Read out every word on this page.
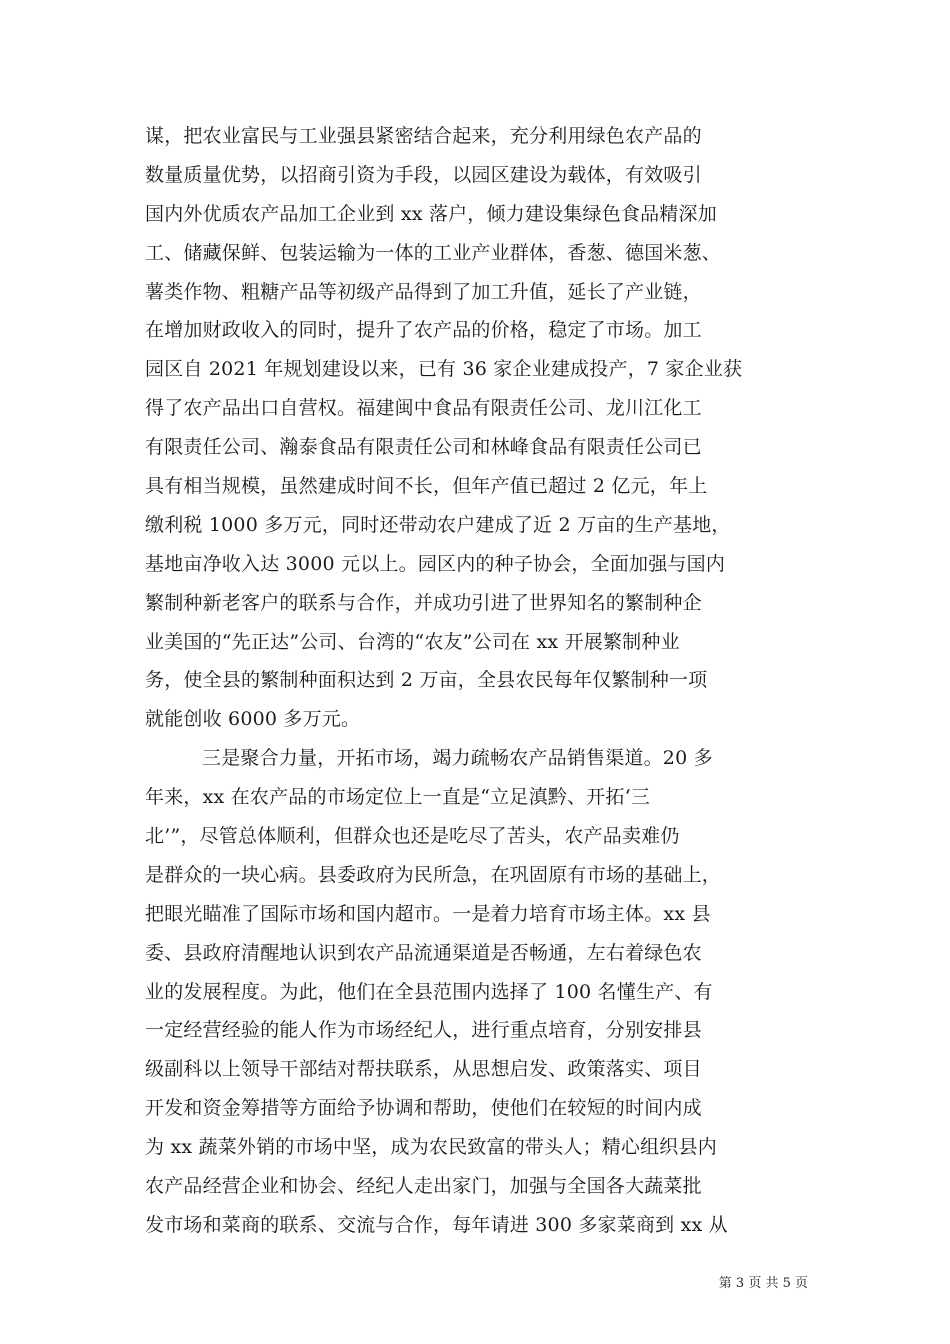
谋，把农业富民与工业强县紧密结合起来，充分利用绿色农产品的
数量质量优势，以招商引资为手段，以园区建设为载体，有效吸引
国内外优质农产品加工企业到 xx 落户，倾力建设集绿色食品精深加
工、储藏保鲜、包装运输为一体的工业产业群体，香葱、德国米葱、
薯类作物、粗糖产品等初级产品得到了加工升值，延长了产业链，
在增加财政收入的同时，提升了农产品的价格，稳定了市场。加工
园区自 2021 年规划建设以来，已有 36 家企业建成投产，7 家企业获
得了农产品出口自营权。福建闽中食品有限责任公司、龙川江化工
有限责任公司、瀚泰食品有限责任公司和林峰食品有限责任公司已
具有相当规模，虽然建成时间不长，但年产值已超过 2 亿元，年上
缴利税 1000 多万元，同时还带动农户建成了近 2 万亩的生产基地，
基地亩净收入达 3000 元以上。园区内的种子协会，全面加强与国内
繁制种新老客户的联系与合作，并成功引进了世界知名的繁制种企
业美国的“先正达”公司、台湾的“农友”公司在 xx 开展繁制种业
务，使全县的繁制种面积达到 2 万亩，全县农民每年仅繁制种一项
就能创收 6000 多万元。
三是聚合力量，开拓市场，竭力疏畅农产品销售渠道。20 多
年来，xx 在农产品的市场定位上一直是“立足滇黔、开拓‘三
北’”，尽管总体顺利，但群众也还是吃尽了苦头，农产品卖难仍
是群众的一块心病。县委政府为民所急，在巩固原有市场的基础上，
把眼光瞄准了国际市场和国内超市。一是着力培育市场主体。xx 县
委、县政府清醒地认识到农产品流通渠道是否畅通，左右着绿色农
业的发展程度。为此，他们在全县范围内选择了 100 名懂生产、有
一定经营经验的能人作为市场经纪人，进行重点培育，分别安排县
级副科以上领导干部结对帮扶联系，从思想启发、政策落实、项目
开发和资金筹措等方面给予协调和帮助，使他们在较短的时间内成
为 xx 蔬菜外销的市场中坚，成为农民致富的带头人；精心组织县内
农产品经营企业和协会、经纪人走出家门，加强与全国各大蔬菜批
发市场和菜商的联系、交流与合作，每年请进 300 多家菜商到 xx 从
第 3 页 共 5 页
